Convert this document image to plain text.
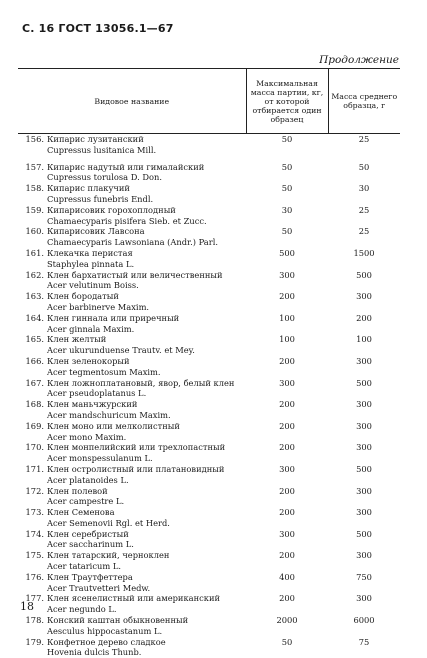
С. 16 ГОСТ 13056.1—67
Продолжение
Видовое название	Максимальная масса партии, кг, от которой отбирается один образец	Масса среднего образца, г
156. Кипарис лузитанский
Cupressus lusitanica Mill.	50	25
157. Кипарис надутый или гималайский
Cupressus torulosa D. Don.	50	50
158. Кипарис плакучий
Cupressus funebris Endl.	50	30
159. Кипарисовик горохоплодный
Chamaecyparis pisifera Sieb. et Zucc.	30	25
160. Кипарисовик Лавсона
Chamaecyparis Lawsoniana (Andr.) Parl.	50	25
161. Клекачка перистая
Staphylea pinnata L.	500	1500
162. Клен бархатистый или величественный
Acer velutinum Boiss.	300	500
163. Клен бородатый
Acer barbinerve Maxim.	200	300
164. Клен гиннала или приречный
Acer ginnala Maxim.	100	200
165. Клен желтый
Acer ukurunduense Trautv. et Mey.	100	100
166. Клен зеленокорый
Acer tegmentosum Maxim.	200	300
167. Клен ложноплатановый, явор, белый клен
Acer pseudoplatanus L.	300	500
168. Клен маньчжурский
Acer mandschuricum Maxim.	200	300
169. Клен моно или мелколистный
Acer mono Maxim.	200	300
170. Клен монпелийский или трехлопастный
Acer monspessulanum L.	200	300
171. Клен остролистный или платановидный
Acer platanoides L.	300	500
172. Клен полевой
Acer campestre L.	200	300
173. Клен Семенова
Acer Semenovii Rgl. et Herd.	200	300
174. Клен серебристый
Acer saccharinum L.	300	500
175. Клен татарский, черноклен
Acer tataricum L.	200	300
176. Клен Траутфеттера
Acer Trautvetteri Medw.	400	750
177. Клен ясенелистный или американский
Acer negundo L.	200	300
178. Конский каштан обыкновенный
Aesculus hippocastanum L.	2000	6000
179. Конфетное дерево сладкое
Hovenia dulcis Thunb.	50	75
18
